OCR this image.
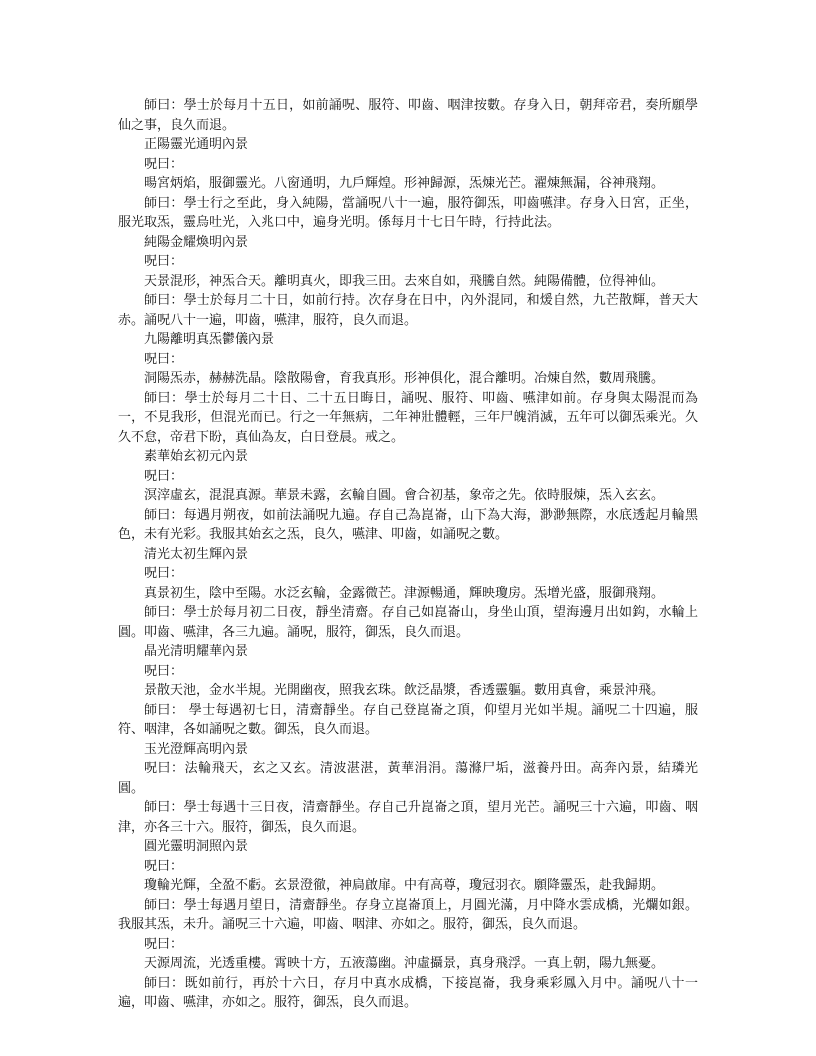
師曰：學士於每月十五日，如前誦呪、服符、叩齒、咽津按數。存身入日，朝拜帝君，奏所願學仙之事，良久而退。

正陽靈光通明內景

呪曰：

暘宮炳焰，服御靈光。八窗通明，九戶輝煌。形神歸源，炁煉光芒。濯煉無漏，谷神飛翔。

師曰：學士行之至此，身入純陽，當誦呪八十一遍，服符御炁，叩齒嚥津。存身入日宮，正坐，服光取炁，靈烏吐光，入兆口中，遍身光明。係每月十七日午時，行持此法。

純陽金耀煥明內景

呪曰：

天景混形，神炁合天。離明真火，即我三田。去來自如，飛騰自然。純陽備體，位得神仙。

師曰：學士於每月二十日，如前行持。次存身在日中，內外混同，和煖自然，九芒散輝，普天大赤。誦呪八十一遍，叩齒，嚥津，服符，良久而退。

九陽離明真炁鬱儀內景

呪曰：

洞陽炁赤，赫赫洗晶。陰散陽會，育我真形。形神俱化，混合離明。冶煉自然，數周飛騰。

師曰：學士於每月二十日、二十五日晦日，誦呪、服符、叩齒、嚥津如前。存身與太陽混而為一，不見我形，但混光而已。行之一年無病，二年神壯體輕，三年尸魄消滅，五年可以御炁乘光。久久不怠，帝君下盼，真仙為友，白日登晨。戒之。

素華始玄初元內景

呪曰：

溟滓虛玄，混混真源。華景未露，玄輪自圓。會合初基，象帝之先。依時服煉，炁入玄玄。

師曰：每遇月朔夜，如前法誦呪九遍。存自己為崑崙，山下為大海，渺渺無際，水底透起月輪黑色，未有光彩。我服其始玄之炁，良久，嚥津、叩齒，如誦呪之數。

清光太初生輝內景

呪曰：

真景初生，陰中至陽。水泛玄輪，金露微芒。津源暢通，輝映瓊房。炁增光盛，服御飛翔。

師曰：學士於每月初二日夜，靜坐清齋。存自己如崑崙山，身坐山頂，望海邊月出如鈎，水輪上圓。叩齒、嚥津，各三九遍。誦呪，服符，御炁，良久而退。

晶光清明耀華內景

呪曰：

景散天池，金水半規。光開幽夜，照我玄珠。飲泛晶漿，香透靈軀。數用真會，乘景沖飛。

師曰： 學士每遇初七日，清齋靜坐。存自己登崑崙之頂，仰望月光如半規。誦呪二十四遍，服符、咽津，各如誦呪之數。御炁，良久而退。

玉光澄輝高明內景

呪曰：法輪飛天，玄之又玄。清波湛湛，黃華涓涓。蕩滌尸垢，滋養丹田。高奔內景，結璘光圓。

師曰：學士每遇十三日夜，清齋靜坐。存自己升崑崙之頂，望月光芒。誦呪三十六遍，叩齒、咽津，亦各三十六。服符，御炁，良久而退。

圓光靈明洞照內景

呪曰：

瓊輪光輝，全盈不虧。玄景澄徹，神扃啟扉。中有高尊，瓊冠羽衣。願降靈炁，赴我歸期。

師曰：學士每遇月望日，清齋靜坐。存身立崑崙頂上，月圓光滿，月中降水雲成橋，光爛如銀。我服其炁，未升。誦呪三十六遍，叩齒、咽津、亦如之。服符，御炁，良久而退。

呪曰：

天源周流，光透重樓。霄映十方，五液蕩幽。沖虛攝景，真身飛浮。一真上朝，陽九無憂。

師曰：既如前行，再於十六日，存月中真水成橋，下接崑崙，我身乘彩鳳入月中。誦呪八十一遍，叩齒、嚥津，亦如之。服符，御炁，良久而退。
